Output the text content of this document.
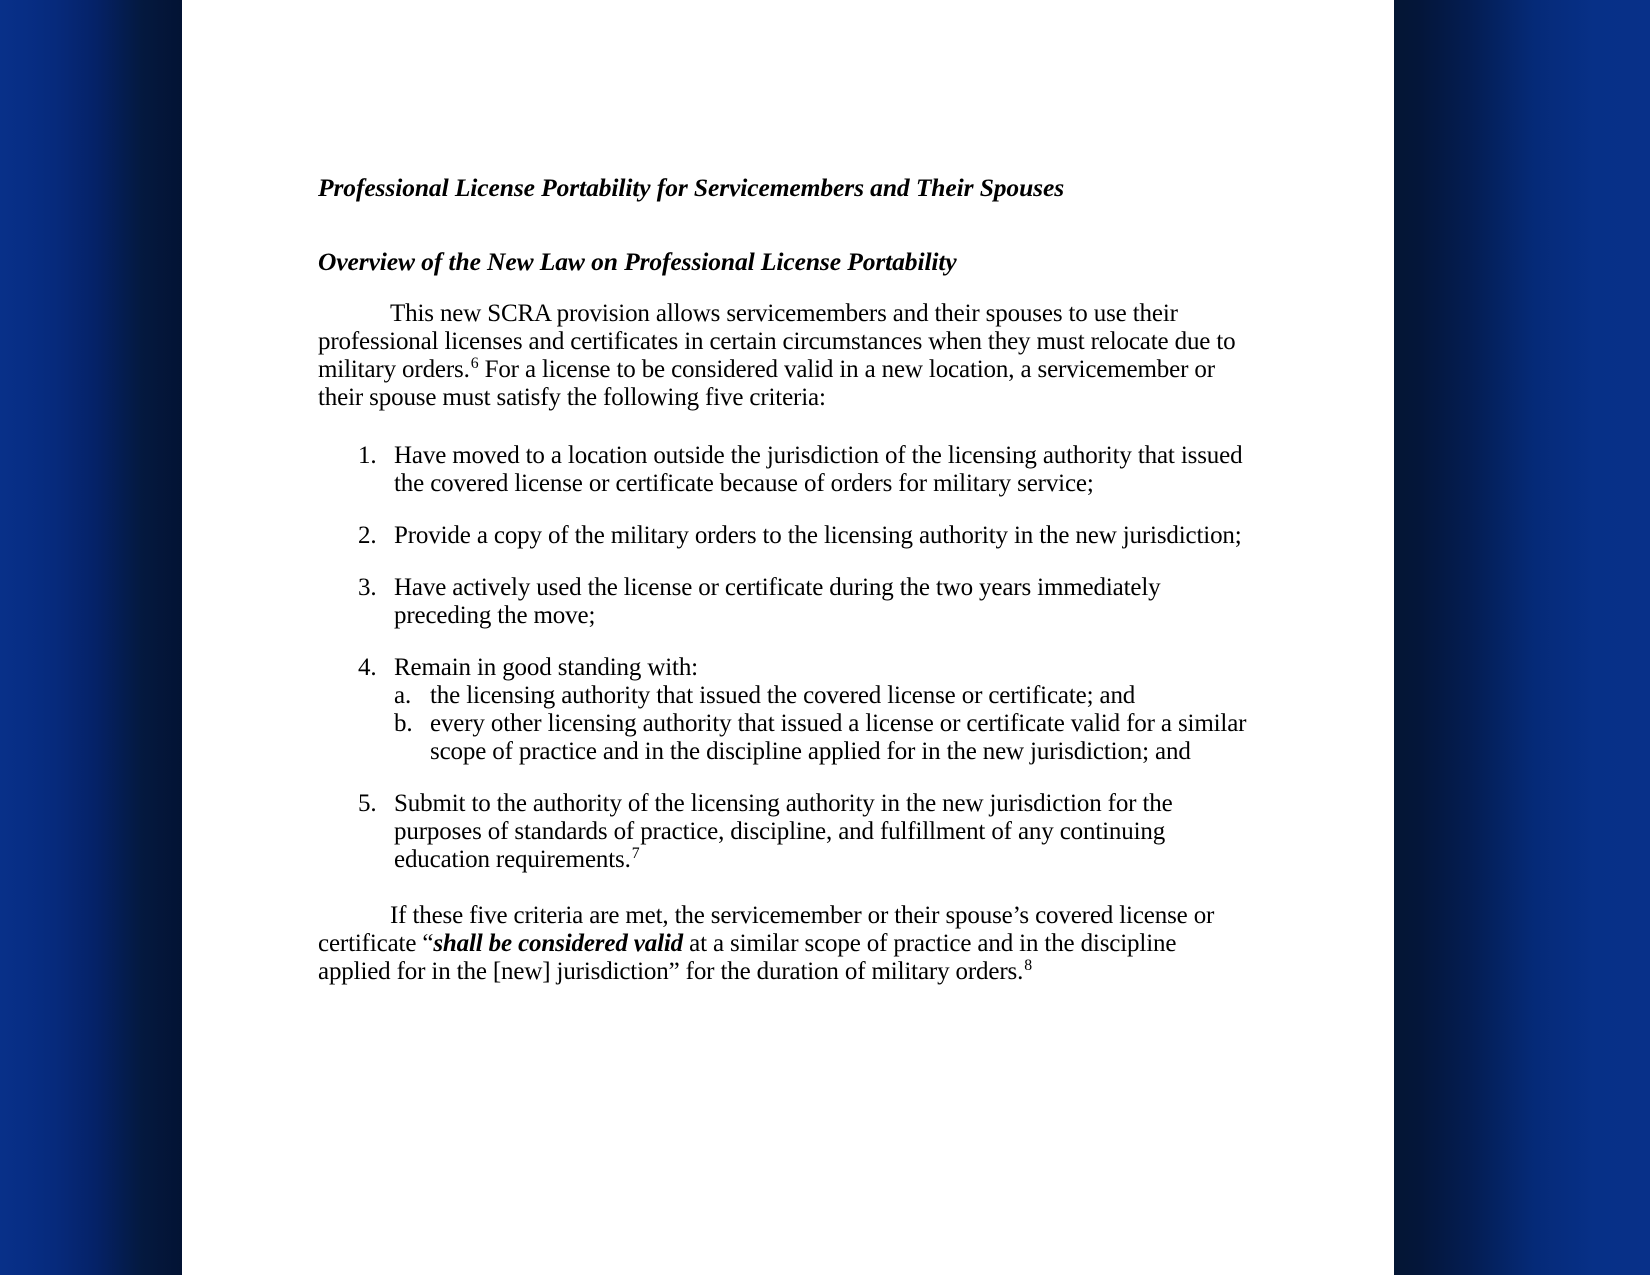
Professional License Portability for Servicemembers and Their Spouses
Overview of the New Law on Professional License Portability

This new SCRA provision allows servicemembers and their spouses to use their professional licenses and certificates in certain circumstances when they must relocate due to military orders.$^6$ For a license to be considered valid in a new location, a servicemember or their spouse must satisfy the following five criteria:

1. Have moved to a location outside the jurisdiction of the licensing authority that issued the covered license or certificate because of orders for military service;
2. Provide a copy of the military orders to the licensing authority in the new jurisdiction;
3. Have actively used the license or certificate during the two years immediately preceding the move;
4. Remain in good standing with:
a. the licensing authority that issued the covered license or certificate; and
b. every other licensing authority that issued a license or certificate valid for a similar scope of practice and in the discipline applied for in the new jurisdiction; and
5. Submit to the authority of the licensing authority in the new jurisdiction for the purposes of standards of practice, discipline, and fulfillment of any continuing education requirements.$^7$

If these five criteria are met, the servicemember or their spouse’s covered license or certificate “shall be considered valid at a similar scope of practice and in the discipline applied for in the [new] jurisdiction” for the duration of military orders.$^8$
